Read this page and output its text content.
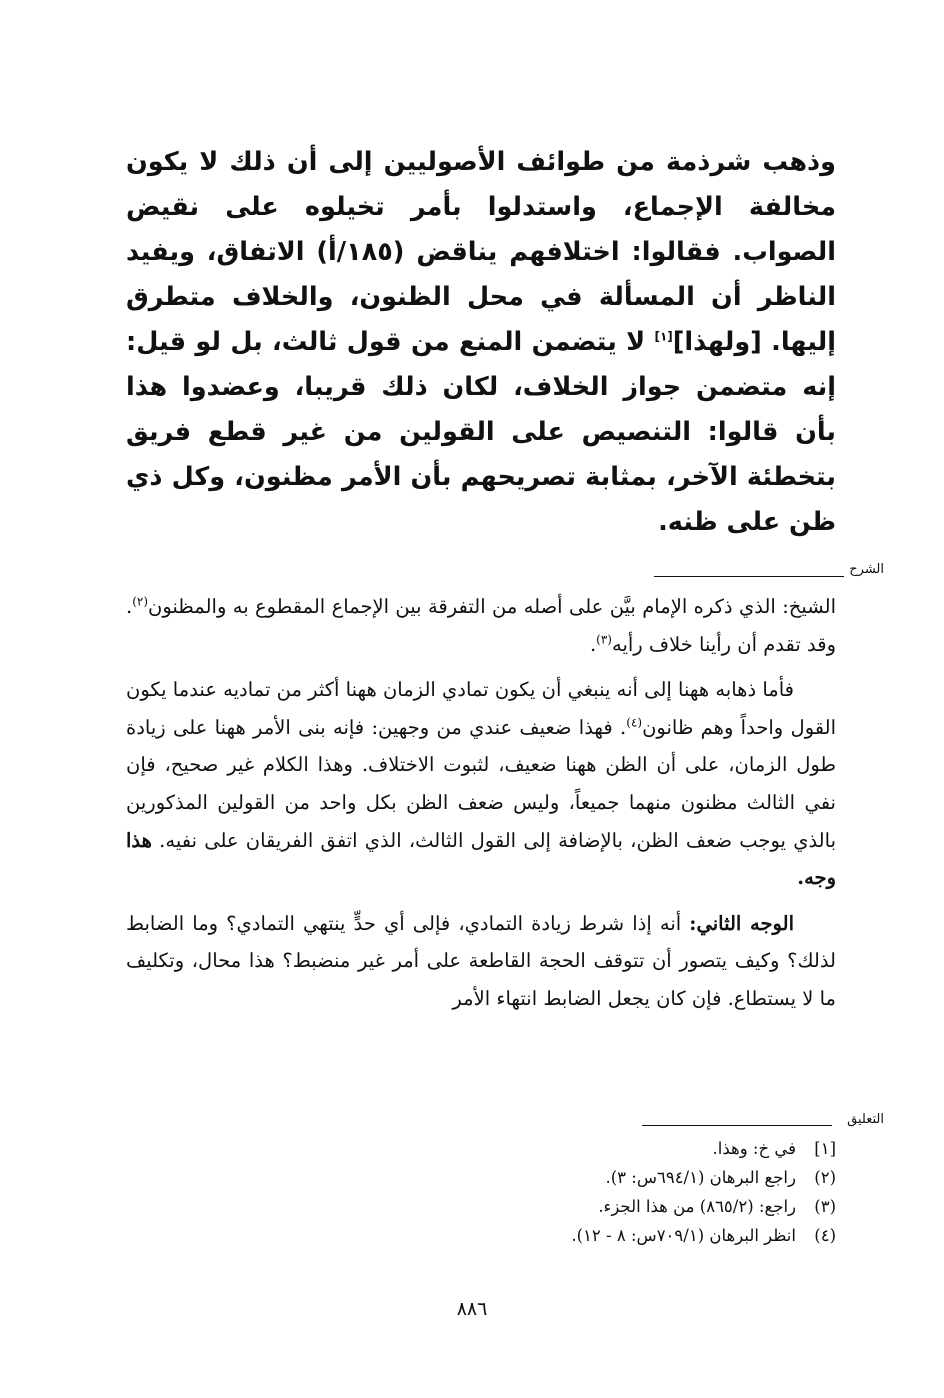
وذهب شرذمة من طوائف الأصوليين إلى أن ذلك لا يكون مخالفة الإجماع، واستدلوا بأمر تخيلوه على نقيض الصواب. فقالوا: اختلافهم يناقض (١٨٥/أ) الاتفاق، ويفيد الناظر أن المسألة في محل الظنون، والخلاف متطرق إليها. [ولهذا][١] لا يتضمن المنع من قول ثالث، بل لو قيل: إنه متضمن جواز الخلاف، لكان ذلك قريبا، وعضدوا هذا بأن قالوا: التنصيص على القولين من غير قطع فريق بتخطئة الآخر، بمثابة تصريحهم بأن الأمر مظنون، وكل ذي ظن على ظنه.

الشرح

الشيخ: الذي ذكره الإمام بيَّن على أصله من التفرقة بين الإجماع المقطوع به والمظنون$^{(٢)}$. وقد تقدم أن رأينا خلاف رأيه$^{(٣)}$.

فأما ذهابه ههنا إلى أنه ينبغي أن يكون تمادي الزمان ههنا أكثر من تماديه عندما يكون القول واحداً وهم ظانون$^{(٤)}$. فهذا ضعيف عندي من وجهين: فإنه بنى الأمر ههنا على زيادة طول الزمان، على أن الظن ههنا ضعيف، لثبوت الاختلاف. وهذا الكلام غير صحيح، فإن نفي الثالث مظنون منهما جميعاً، وليس ضعف الظن بكل واحد من القولين المذكورين بالذي يوجب ضعف الظن، بالإضافة إلى القول الثالث، الذي اتفق الفريقان على نفيه. هذا وجه.

الوجه الثاني: أنه إذا شرط زيادة التمادي، فإلى أي حدٍّ ينتهي التمادي؟ وما الضابط لذلك؟ وكيف يتصور أن تتوقف الحجة القاطعة على أمر غير منضبط؟ هذا محال، وتكليف ما لا يستطاع. فإن كان يجعل الضابط انتهاء الأمر

التعليق
[١]
في خ: وهذا.
(٢)
راجع البرهان (٦٩٤/١س: ٣).
(٣)
راجع: (٨٦٥/٢) من هذا الجزء.
(٤)
انظر البرهان (٧٠٩/١س: ٨ - ١٢).
٨٨٦
